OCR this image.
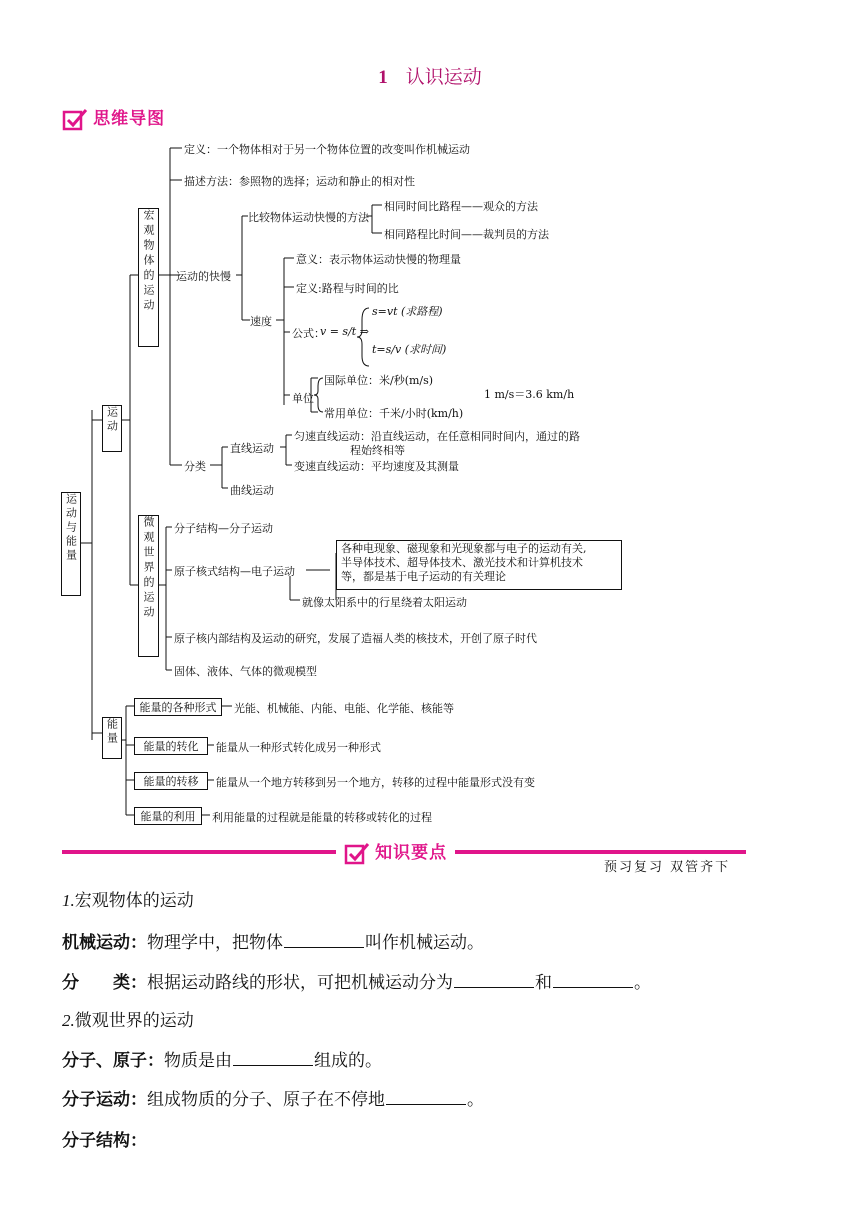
1 认识运动
思维导图
运动与能量
运动
能量
宏观物体的运动
微观世界的运动
定义：一个物体相对于另一个物体位置的改变叫作机械运动
描述方法：参照物的选择；运动和静止的相对性
比较物体运动快慢的方法
相同时间比路程——观众的方法
相同路程比时间——裁判员的方法
运动的快慢
意义：表示物体运动快慢的物理量
定义:路程与时间的比
速度
公式：
v = s/t ⇒
s=vt (求路程)
t=s/v (求时间)
单位
国际单位：米/秒(m/s)
常用单位：千米/小时(km/h)
1 m/s＝3.6 km/h
分类
直线运动
匀速直线运动：沿直线运动，在任意相同时间内，通过的路
程始终相等
变速直线运动：平均速度及其测量
曲线运动
分子结构—分子运动
原子核式结构—电子运动
各种电现象、磁现象和光现象都与电子的运动有关,
半导体技术、超导体技术、激光技术和计算机技术
等，都是基于电子运动的有关理论
就像太阳系中的行星绕着太阳运动
原子核内部结构及运动的研究，发展了造福人类的核技术，开创了原子时代
固体、液体、气体的微观模型
能量的各种形式	光能、机械能、内能、电能、化学能、核能等
能量的转化	能量从一种形式转化成另一种形式
能量的转移	能量从一个地方转移到另一个地方，转移的过程中能量形式没有变
能量的利用	利用能量的过程就是能量的转移或转化的过程
知识要点
预习复习 双管齐下
1.宏观物体的运动
机械运动：物理学中，把物体	叫作机械运动。
分　　类：根据运动路线的形状，可把机械运动分为	和	。
2.微观世界的运动
分子、原子：物质是由	组成的。
分子运动：组成物质的分子、原子在不停地	。
分子结构：
